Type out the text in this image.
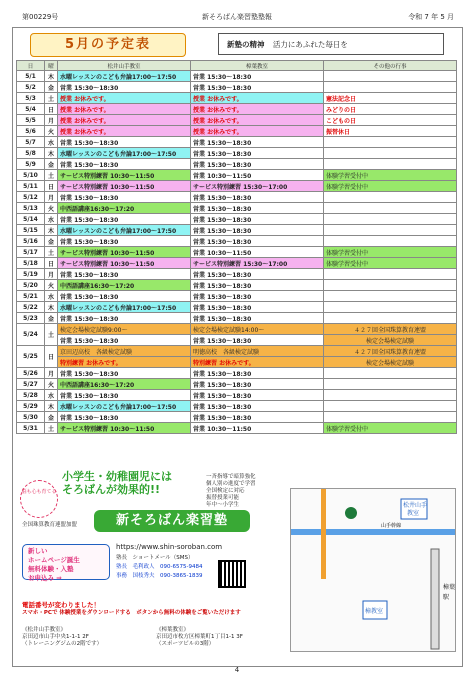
第00229号	新そろばん楽習塾塾報	令和 7 年 5 月
5月の予定表	新塾の精神 活力にあふれた毎日を
日	曜	松井山手教室	樟葉教室	その他の行事
5/1	木	水曜レッスンのこども弁論17:00〜17:50	営業 15:30〜18:30	
5/2	金	営業 15:30〜18:30	営業 15:30〜18:30	
5/3	土	授業 お休みです。	授業 お休みです。	憲法記念日
5/4	日	授業 お休みです。	授業 お休みです。	みどりの日
5/5	月	授業 お休みです。	授業 お休みです。	こどもの日
5/6	火	授業 お休みです。	授業 お休みです。	振替休日
5/7	水	営業 15:30〜18:30	営業 15:30〜18:30	
5/8	木	水曜レッスンのこども弁論17:00〜17:50	営業 15:30〜18:30	
5/9	金	営業 15:30〜18:30	営業 15:30〜18:30	
5/10	土	サービス特別練習 10:30〜11:50	営業 10:30〜11:50	体験学習受付中
5/11	日	サービス特別練習 10:30〜11:50	サービス特別練習 15:30〜17:00	体験学習受付中
5/12	月	営業 15:30〜18:30	営業 15:30〜18:30	
5/13	火	中西語講座16:30〜17:20	営業 15:30〜18:30	
5/14	水	営業 15:30〜18:30	営業 15:30〜18:30	
5/15	木	水曜レッスンのこども弁論17:00〜17:50	営業 15:30〜18:30	
5/16	金	営業 15:30〜18:30	営業 15:30〜18:30	
5/17	土	サービス特別練習 10:30〜11:50	営業 10:30〜11:50	体験学習受付中
5/18	日	サービス特別練習 10:30〜11:50	サービス特別練習 15:30〜17:00	体験学習受付中
5/19	月	営業 15:30〜18:30	営業 15:30〜18:30	
5/20	火	中西語講座16:30〜17:20	営業 15:30〜18:30	
5/21	水	営業 15:30〜18:30	営業 15:30〜18:30	
5/22	木	水曜レッスンのこども弁論17:00〜17:50	営業 15:30〜18:30	
5/23	金	営業 15:30〜18:30	営業 15:30〜18:30	
5/24	土	検定会場検定試験9:00〜	検定会場検定試験14:00〜	４２７回全国珠算教育連盟
		営業 15:30〜18:30	営業 15:30〜18:30	検定会場検定試験
5/25	日	京田辺高校　各級検定試験	明徳高校　各級検定試験	４２７回全国珠算教育連盟
		特別練習 お休みです。	特別練習 お休みです。	検定会場検定試験
5/26	月	営業 15:30〜18:30	営業 15:30〜18:30	
5/27	火	中西語講座16:30〜17:20	営業 15:30〜18:30	
5/28	水	営業 15:30〜18:30	営業 15:30〜18:30	
5/29	木	水曜レッスンのこども弁論17:00〜17:50	営業 15:30〜18:30	
5/30	金	営業 15:30〜18:30	営業 15:30〜18:30	
5/31	土	サービス特別練習 10:30〜11:50	営業 10:30〜11:50	体験学習受付中
脳も心も育てる
小学生・幼稚園児には
そろばんが効果的!!
一斉指導で暗算強化
個人別の進度で学習
全国検定に対応
振替授業可能
年中〜小学生
全国珠算教育連盟加盟	新そろばん楽習塾
新しい
ホームページ誕生
無料体験・入塾
お申込み ⇒
https://www.shin-soroban.com
塾長　ショートメール（SMS）
塾長　毛利政人　090-6575-9484
事務　国枝秀夫　090-3865-1839
電話番号が変わりました！
スマホ・PCで 体験授業をダウンロードする　ボタンから無料の体験をご覧いただけます
《松井山手教室》
京田辺市山手中央1-1-1 2F
（トレーニングジムの2階です）
《樟葉教室》
京田辺市枚方区樟葉町1丁目1-1 3F
（スポーツビルの3階）
松井山手
教室
山手幹線
樟葉
駅
樟教室
4
